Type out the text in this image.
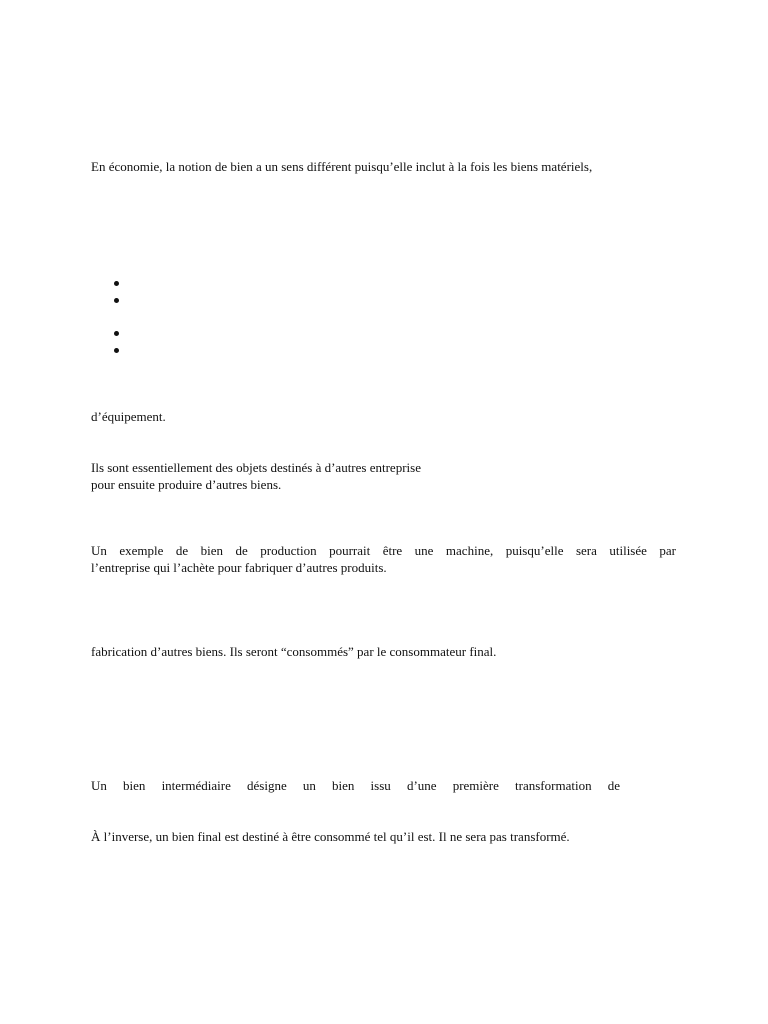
En économie, la notion de bien a un sens différent puisqu’elle inclut à la fois les biens matériels,

d’équipement.

Ils sont essentiellement des objets destinés à d’autres entreprise

pour ensuite produire d’autres biens.

Un exemple de bien de production pourrait être une machine, puisqu’elle sera utilisée par
l’entreprise qui l’achète pour fabriquer d’autres produits.

fabrication d’autres biens. Ils seront “consommés” par le consommateur final.

Un bien intermédiaire désigne un bien issu d’une première transformation de

À l’inverse, un bien final est destiné à être consommé tel qu’il est. Il ne sera pas transformé.
